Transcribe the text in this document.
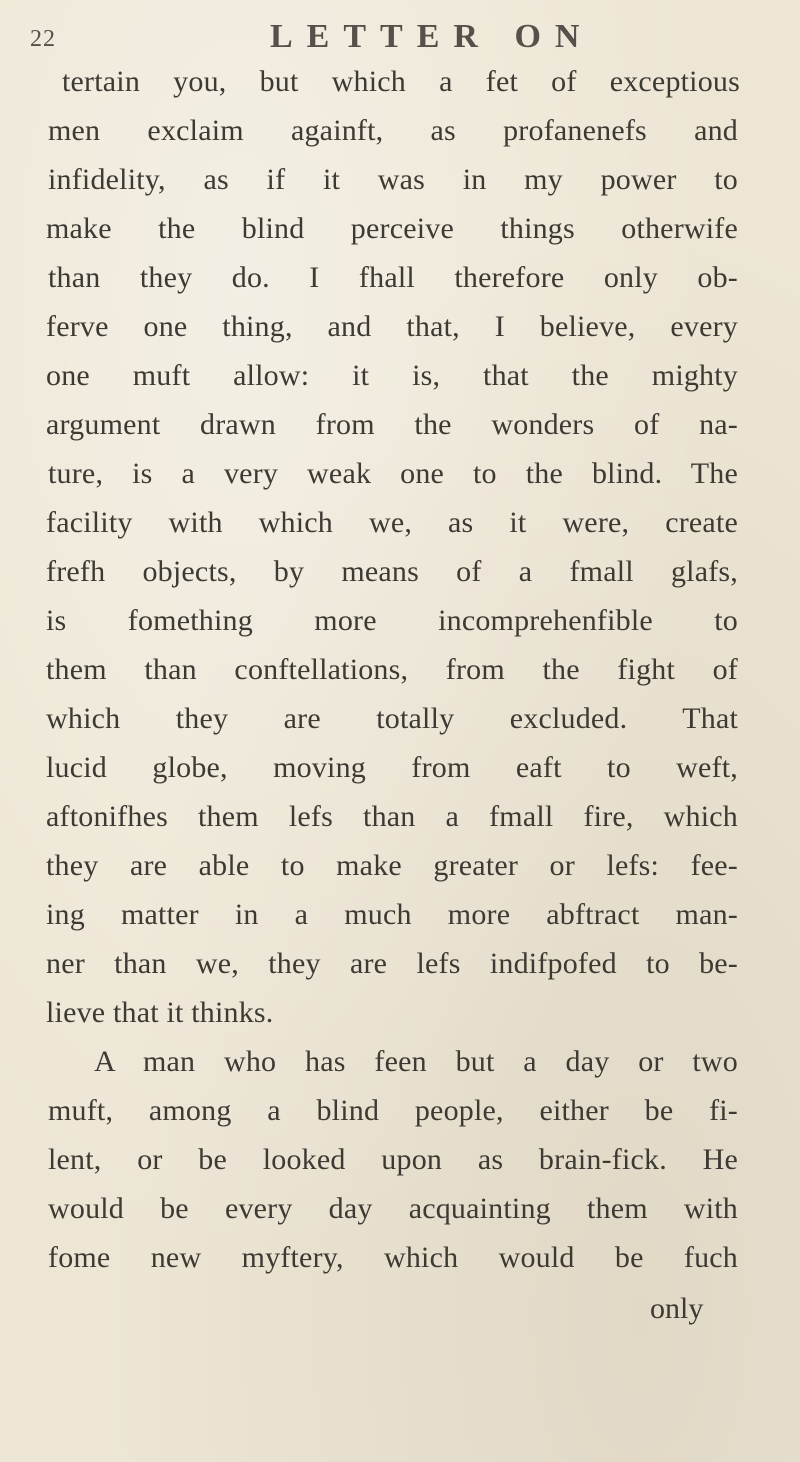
22	LETTER ON
tertain you, but which a fet of exceptious
men exclaim againft, as profanenefs and
infidelity, as if it was in my power to
make the blind perceive things otherwife
than they do. I fhall therefore only ob-
ferve one thing, and that, I believe, every
one muft allow: it is, that the mighty
argument drawn from the wonders of na-
ture, is a very weak one to the blind. The
facility with which we, as it were, create
frefh objects, by means of a fmall glafs,
is fomething more incomprehenfible to
them than conftellations, from the fight of
which they are totally excluded. That
lucid globe, moving from eaft to weft,
aftonifhes them lefs than a fmall fire, which
they are able to make greater or lefs: fee-
ing matter in a much more abftract man-
ner than we, they are lefs indifpofed to be-
lieve that it thinks.
A man who has feen but a day or two
muft, among a blind people, either be fi-
lent, or be looked upon as brain-fick. He
would be every day acquainting them with
fome new myftery, which would be fuch
only
